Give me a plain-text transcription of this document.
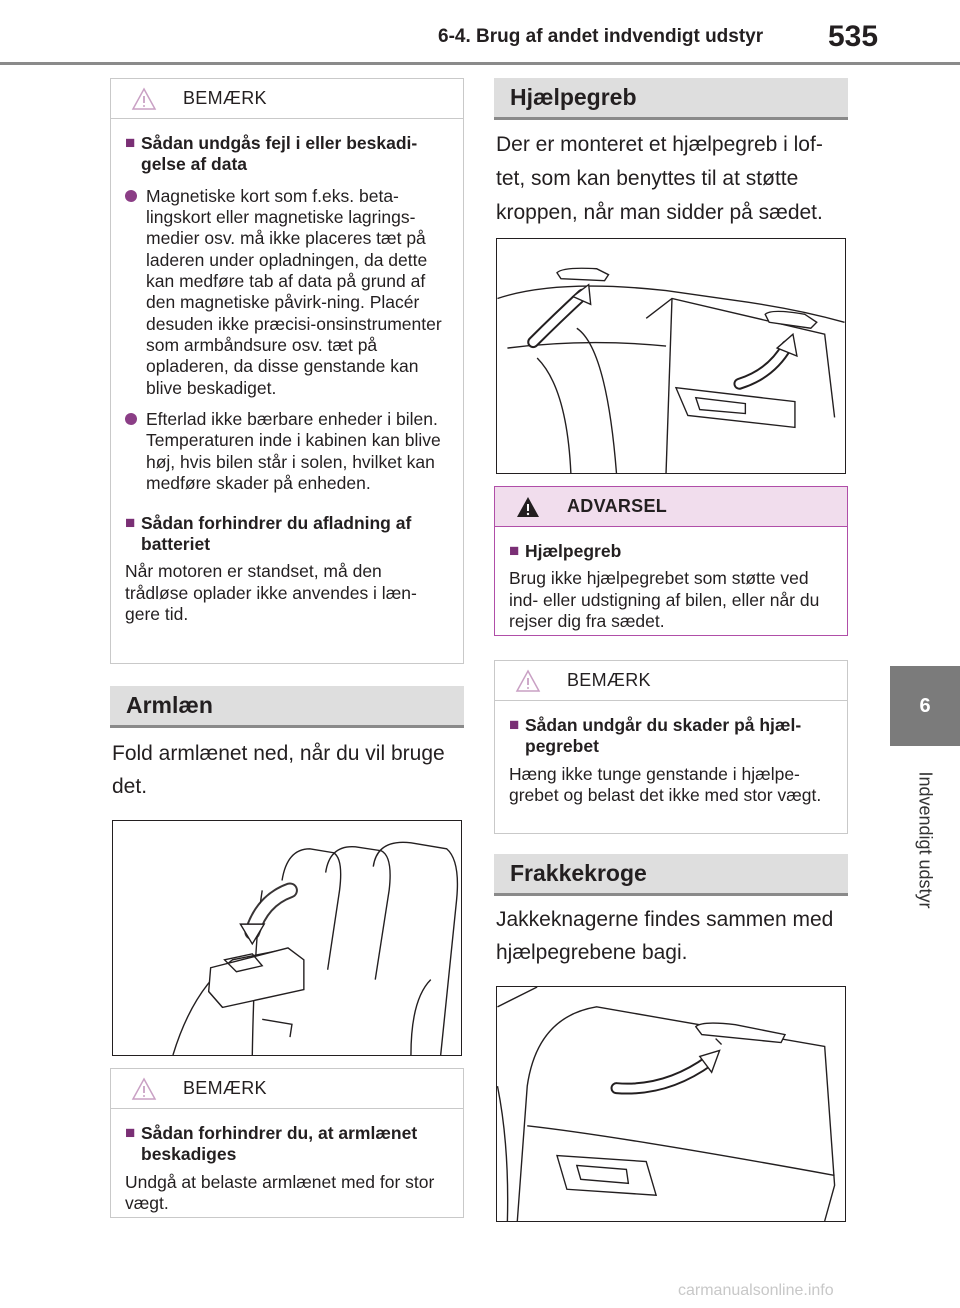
6-4. Brug af andet indvendigt udstyr 535
6
Indvendigt udstyr
BEMÆRK
■ Sådan undgås fejl i eller beskadi-gelse af data
Magnetiske kort som f.eks. beta-lingskort eller magnetiske lagrings-medier osv. må ikke placeres tæt på laderen under opladningen, da dette kan medføre tab af data på grund af den magnetiske påvirk-ning. Placér desuden ikke præcisi-onsinstrumenter som armbåndsure osv. tæt på opladeren, da disse genstande kan blive beskadiget.
Efterlad ikke bærbare enheder i bilen. Temperaturen inde i kabinen kan blive høj, hvis bilen står i solen, hvilket kan medføre skader på enheden.
■ Sådan forhindrer du afladning af batteriet
Når motoren er standset, må den trådløse oplader ikke anvendes i læn-gere tid.
Armlæn
Fold armlænet ned, når du vil bruge det.
BEMÆRK
■ Sådan forhindrer du, at armlænet beskadiges
Undgå at belaste armlænet med for stor vægt.
Hjælpegreb
Der er monteret et hjælpegreb i lof-tet, som kan benyttes til at støtte kroppen, når man sidder på sædet.
ADVARSEL
■ Hjælpegreb
Brug ikke hjælpegrebet som støtte ved ind- eller udstigning af bilen, eller når du rejser dig fra sædet.
BEMÆRK
■ Sådan undgår du skader på hjæl-pegrebet
Hæng ikke tunge genstande i hjælpe-grebet og belast det ikke med stor vægt.
Frakkekroge
Jakkeknagerne findes sammen med hjælpegrebene bagi.
carmanualsonline.info
